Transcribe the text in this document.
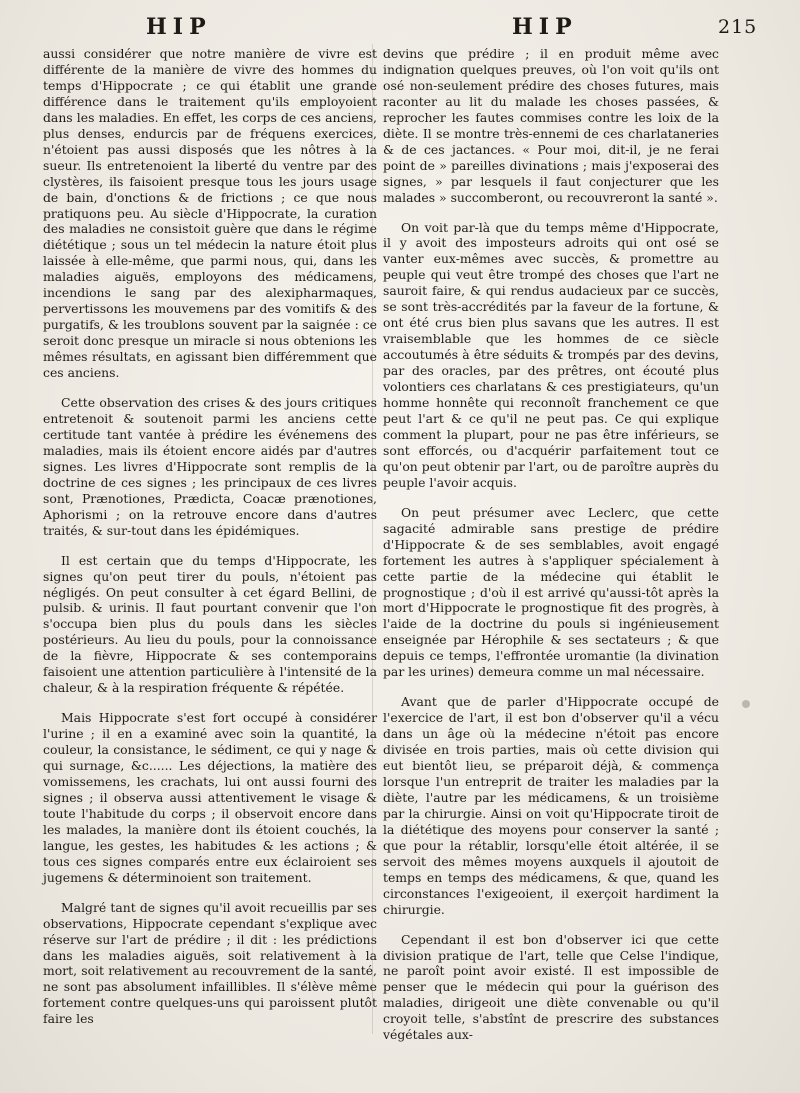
HIP	HIP	215

aussi considérer que notre manière de vivre est différente de la manière de vivre des hommes du temps d'Hippocrate ; ce qui établit une grande différence dans le traitement qu'ils employoient dans les maladies. En effet, les corps de ces anciens, plus denses, endurcis par de fréquens exercices, n'étoient pas aussi disposés que les nôtres à la sueur. Ils entretenoient la liberté du ventre par des clystères, ils faisoient presque tous les jours usage de bain, d'onctions & de frictions ; ce que nous pratiquons peu. Au siècle d'Hippocrate, la curation des maladies ne consistoit guère que dans le régime diététique ; sous un tel médecin la nature étoit plus laissée à elle-même, que parmi nous, qui, dans les maladies aiguës, employons des médicamens, incendions le sang par des alexipharmaques, pervertissons les mouvemens par des vomitifs & des purgatifs, & les troublons souvent par la saignée : ce seroit donc presque un miracle si nous obtenions les mêmes résultats, en agissant bien différemment que ces anciens.

Cette observation des crises & des jours critiques entretenoit & soutenoit parmi les anciens cette certitude tant vantée à prédire les événemens des maladies, mais ils étoient encore aidés par d'autres signes. Les livres d'Hippocrate sont remplis de la doctrine de ces signes ; les principaux de ces livres sont, Prænotiones, Prædicta, Coacæ prænotiones, Aphorismi ; on la retrouve encore dans d'autres traités, & sur-tout dans les épidémiques.

Il est certain que du temps d'Hippocrate, les signes qu'on peut tirer du pouls, n'étoient pas négligés. On peut consulter à cet égard Bellini, de pulsib. & urinis. Il faut pourtant convenir que l'on s'occupa bien plus du pouls dans les siècles postérieurs. Au lieu du pouls, pour la connoissance de la fièvre, Hippocrate & ses contemporains faisoient une attention particulière à l'intensité de la chaleur, & à la respiration fréquente & répétée.

Mais Hippocrate s'est fort occupé à considérer l'urine ; il en a examiné avec soin la quantité, la couleur, la consistance, le sédiment, ce qui y nage & qui surnage, &c...... Les déjections, la matière des vomissemens, les crachats, lui ont aussi fourni des signes ; il observa aussi attentivement le visage & toute l'habitude du corps ; il observoit encore dans les malades, la manière dont ils étoient couchés, la langue, les gestes, les habitudes & les actions ; & tous ces signes comparés entre eux éclairoient ses jugemens & déterminoient son traitement.

Malgré tant de signes qu'il avoit recueillis par ses observations, Hippocrate cependant s'explique avec réserve sur l'art de prédire ; il dit : les prédictions dans les maladies aiguës, soit relativement à la mort, soit relativement au recouvrement de la santé, ne sont pas absolument infaillibles. Il s'élève même fortement contre quelques-uns qui paroissent plutôt faire les

devins que prédire ; il en produit même avec indignation quelques preuves, où l'on voit qu'ils ont osé non-seulement prédire des choses futures, mais raconter au lit du malade les choses passées, & reprocher les fautes commises contre les loix de la diète. Il se montre très-ennemi de ces charlataneries & de ces jactances. « Pour moi, dit-il, je ne ferai point de » pareilles divinations ; mais j'exposerai des signes, » par lesquels il faut conjecturer que les malades » succomberont, ou recouvreront la santé ».

On voit par-là que du temps même d'Hippocrate, il y avoit des imposteurs adroits qui ont osé se vanter eux-mêmes avec succès, & promettre au peuple qui veut être trompé des choses que l'art ne sauroit faire, & qui rendus audacieux par ce succès, se sont très-accrédités par la faveur de la fortune, & ont été crus bien plus savans que les autres. Il est vraisemblable que les hommes de ce siècle accoutumés à être séduits & trompés par des devins, par des oracles, par des prêtres, ont écouté plus volontiers ces charlatans & ces prestigiateurs, qu'un homme honnête qui reconnoît franchement ce que peut l'art & ce qu'il ne peut pas. Ce qui explique comment la plupart, pour ne pas être inférieurs, se sont efforcés, ou d'acquérir parfaitement tout ce qu'on peut obtenir par l'art, ou de paroître auprès du peuple l'avoir acquis.

On peut présumer avec Leclerc, que cette sagacité admirable sans prestige de prédire d'Hippocrate & de ses semblables, avoit engagé fortement les autres à s'appliquer spécialement à cette partie de la médecine qui établit le prognostique ; d'où il est arrivé qu'aussi-tôt après la mort d'Hippocrate le prognostique fit des progrès, à l'aide de la doctrine du pouls si ingénieusement enseignée par Hérophile & ses sectateurs ; & que depuis ce temps, l'effrontée uromantie (la divination par les urines) demeura comme un mal nécessaire.

Avant que de parler d'Hippocrate occupé de l'exercice de l'art, il est bon d'observer qu'il a vécu dans un âge où la médecine n'étoit pas encore divisée en trois parties, mais où cette division qui eut bientôt lieu, se préparoit déjà, & commença lorsque l'un entreprit de traiter les maladies par la diète, l'autre par les médicamens, & un troisième par la chirurgie. Ainsi on voit qu'Hippocrate tiroit de la diététique des moyens pour conserver la santé ; que pour la rétablir, lorsqu'elle étoit altérée, il se servoit des mêmes moyens auxquels il ajoutoit de temps en temps des médicamens, & que, quand les circonstances l'exigeoient, il exerçoit hardiment la chirurgie.

Cependant il est bon d'observer ici que cette division pratique de l'art, telle que Celse l'indique, ne paroît point avoir existé. Il est impossible de penser que le médecin qui pour la guérison des maladies, dirigeoit une diète convenable ou qu'il croyoit telle, s'abstînt de prescrire des substances végétales aux-
